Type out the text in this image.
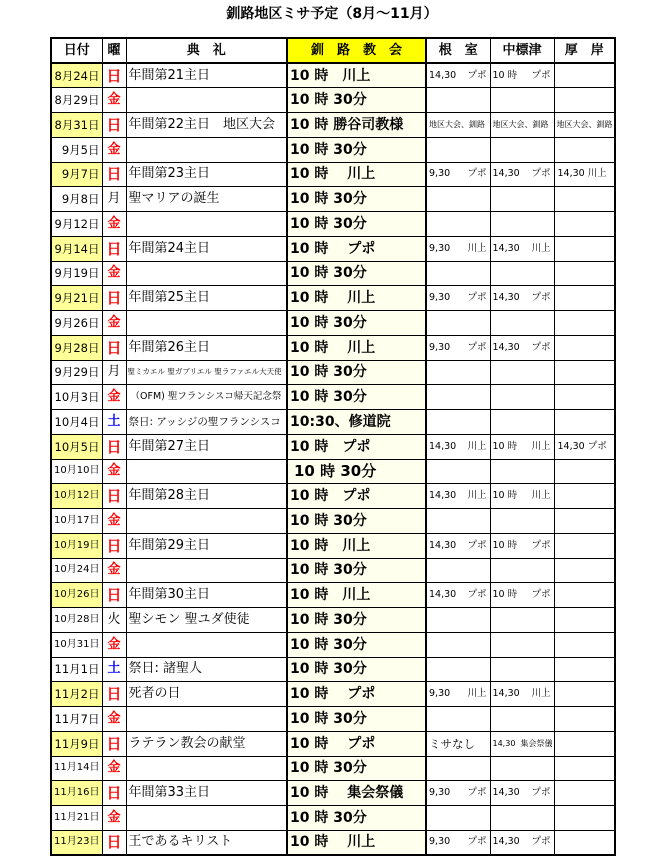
釧路地区ミサ予定（8月～11月）
日付	曜	典　礼	釧　路　教　会	根　室	中標津	厚　岸
8月24日	日	年間第21主日	10 時　川上	14,30 プポ	10 時 プポ	

8月29日	金		10 時 30分	

8月31日	日	年間第22主日　地区大会	10 時 勝谷司教様	地区大会、釧路	地区大会、釧路	地区大会、釧路

9月5日	金		10 時 30分	

9月7日	日	年間第23主日	10 時　 川上	9,30 プポ	14,30 プポ	14,30 川上

9月8日	月	聖マリアの誕生	10 時 30分	

9月12日	金		10 時 30分	

9月14日	日	年間第24主日	10 時　 プポ	9,30 川上	14,30 川上	

9月19日	金		10 時 30分	

9月21日	日	年間第25主日	10 時　 川上	9,30 プポ	14,30 プポ	

9月26日	金		10 時 30分	

9月28日	日	年間第26主日	10 時　 川上	9,30 プポ	14,30 プポ	

9月29日	月	聖ミカエル 聖ガブリエル 聖ラファエル大天使	10 時 30分	

10月3日	金	（OFM) 聖フランシスコ帰天記念祭	10 時 30分	

10月4日	土	祭日: アッシジの聖フランシスコ	10:30、修道院	

10月5日	日	年間第27主日	10 時　プポ	14,30 川上	10 時 川上	14,30 プポ

10月10日	金		10 時 30分	

10月12日	日	年間第28主日	10 時　プポ	14,30 川上	10 時 川上	

10月17日	金		10 時 30分	

10月19日	日	年間第29主日	10 時　川上	14,30 プポ	10 時 プポ	

10月24日	金		10 時 30分	

10月26日	日	年間第30主日	10 時　川上	14,30 プポ	10 時 プポ	

10月28日	火	聖シモン 聖ユダ使徒	10 時 30分	

10月31日	金		10 時 30分	

11月1日	土	祭日: 諸聖人	10 時 30分	

11月2日	日	死者の日	10 時　 プポ	9,30 川上	14,30 川上	

11月7日	金		10 時 30分	

11月9日	日	ラテラン教会の献堂	10 時　 プポ	ミサなし	14,30 集会祭儀	

11月14日	金		10 時 30分	

11月16日	日	年間第33主日	10 時　 集会祭儀	9,30 プポ	14,30 プポ	

11月21日	金		10 時 30分	

11月23日	日	王であるキリスト	10 時　 川上	9,30 プポ	14,30 プポ	
